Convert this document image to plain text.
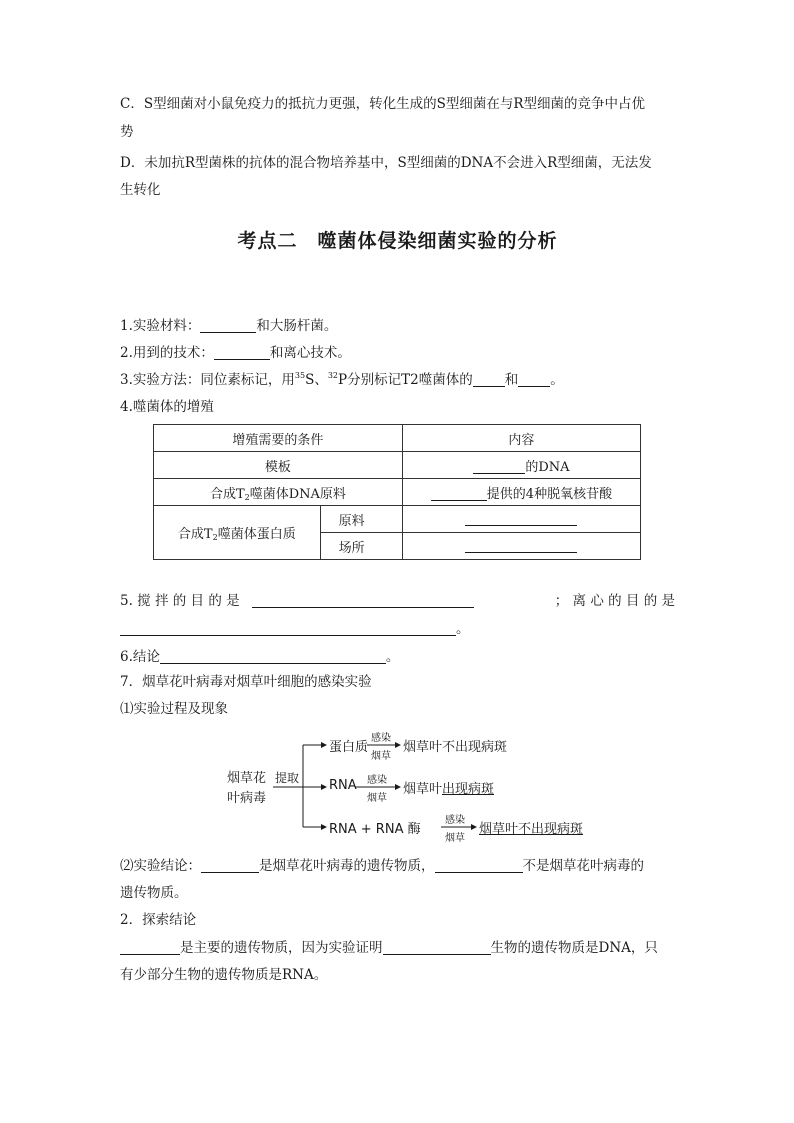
C．S型细菌对小鼠免疫力的抵抗力更强，转化生成的S型细菌在与R型细菌的竞争中占优
势
D．未加抗R型菌株的抗体的混合物培养基中，S型细菌的DNA不会进入R型细菌，无法发
生转化
考点二　噬菌体侵染细菌实验的分析
1.实验材料：	和大肠杆菌。
2.用到的技术：	和离心技术。
3.实验方法：同位素标记，用$^{35}$S、$^{32}$P分别标记T2噬菌体的 和 。
4.噬菌体的增殖
增殖需要的条件		内容
模板		的DNA
合成$T_2$噬菌体DNA原料		提供的4种脱氧核苷酸
合成$T_2$噬菌体蛋白质	原料	
	场所	
5. 搅 拌 的 目 的 是	； 离 心 的 目 的 是
。
6.结论	。
7．烟草花叶病毒对烟草叶细胞的感染实验
⑴实验过程及现象
烟草花
叶病毒
提取
蛋白质
RNA
RNA + RNA 酶
感染
烟草
感染
烟草
感染
烟草
烟草叶不出现病斑
烟草叶出现病斑
烟草叶不出现病斑
⑵实验结论：	是烟草花叶病毒的遗传物质，	不是烟草花叶病毒的
遗传物质。
2．探索结论
是主要的遗传物质，因为实验证明	生物的遗传物质是DNA，只
有少部分生物的遗传物质是RNA。
